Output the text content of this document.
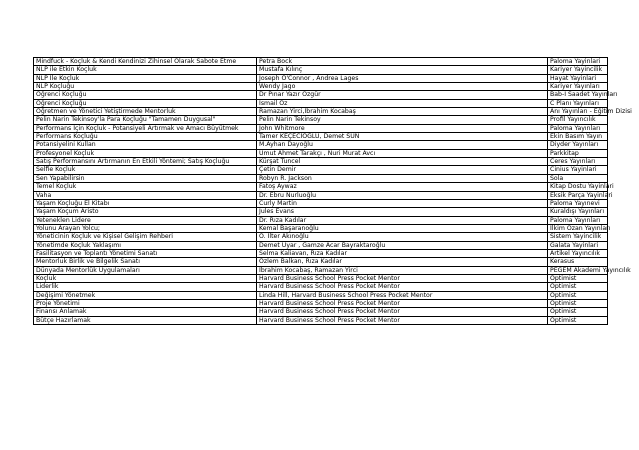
Mindfuck - Koçluk & Kendi Kendinizi Zihinsel Olarak Sabote Etme	Petra Bock	Paloma Yayinlari
NLP ile Etkin Koçluk	Mustafa Kılınç	Kariyer Yayincilik
NLP İle Koçluk	Joseph O'Connor , Andrea Lages	Hayat Yayinlari
NLP Koçluğu	Wendy Jago	Kariyer Yayınları
Öğrenci Koçluğu	Dr Pınar Yazır Özgür	Bab-I Saadet Yayınları
Öğrenci Koçluğu	İsmail Öz	C Planı Yayınları
Öğretmen ve Yönetici Yetiştirmede Mentorluk	Ramazan Yirci,İbrahim Kocabaş	Anı Yayınları - Eğitim Dizisi
Pelin Narin Tekinsoy'la Para Koçluğu "Tamamen Duygusal"	Pelin Narin Tekinsoy	Profil Yayıncılık
Performans İçin Koçluk - Potansiyeli Artırmak ve Amacı Büyütmek	John Whitmore	Paloma Yayınları
Performans Koçluğu	Tamer KEÇECİOĞLU, Demet SUN	Ekin Basım Yayın
Potansiyelini Kullan	M.Ayhan Dayoğlu	Diyder Yayınları
Profesyonel Koçluk	Umut Ahmet Tarakçı , Nuri Murat Avcı	Parkkitap
Satış Performansını Artırmanın En Etkili Yöntemi; Satış Koçluğu	Kürşat Tuncel	Ceres Yayınları
Selfie Koçluk	Çetin Demir	Cinius Yayinlari
Sen Yapabilirsin	Robyn R. Jackson	Sola
Temel Koçluk	Fatoş Aywaz	Kitap Dostu Yayinlari
Vaha	Dr. Ebru Nurluoğlu	Eksik Parça Yayinlari
Yaşam Koçluğu El Kitabı	Curly Martin	Paloma Yayınevi
Yaşam Koçum Aristo	Jules Evans	Kuraldışı Yayınları
Yeteneklen Lidere	Dr. Rıza Kadılar	Paloma Yayınları
Yolunu Arayan Yolcu;	Kemal Başaranoğlu	İlkim Ozan Yayınları
Yöneticinin Koçluk ve Kişisel Gelişim Rehberi	O. İlter Akınoğlu	Sistem Yayincilik
Yönetimde Koçluk Yaklaşımı	Demet Uyar , Gamze Acar Bayraktaroğlu	Galata Yayinlari
Fasilitasyon ve Toplantı Yönetimi Sanatı	Selma Kaliavan, Rıza Kadılar	Artikel Yayıncılık
Mentorluk Birlik ve Bilgelik Sanatı	Özlem Balkan, Rıza Kadılar	Kerasus
Dünyada Mentorlük Uygulamaları	İbrahim Kocabaş, Ramazan Yirci	PEGEM Akademi Yayıncılık
Koçluk	Harvard Business School Press Pocket Mentor	Optimist
Liderlik	Harvard Business School Press Pocket Mentor	Optimist
Değişimi Yönetmek	Linda Hill, Harvard Business School Press Pocket Mentor	Optimist
Proje Yönetimi	Harvard Business School Press Pocket Mentor	Optimist
Finansı Anlamak	Harvard Business School Press Pocket Mentor	Optimist
Bütçe Hazırlamak	Harvard Business School Press Pocket Mentor	Optimist
